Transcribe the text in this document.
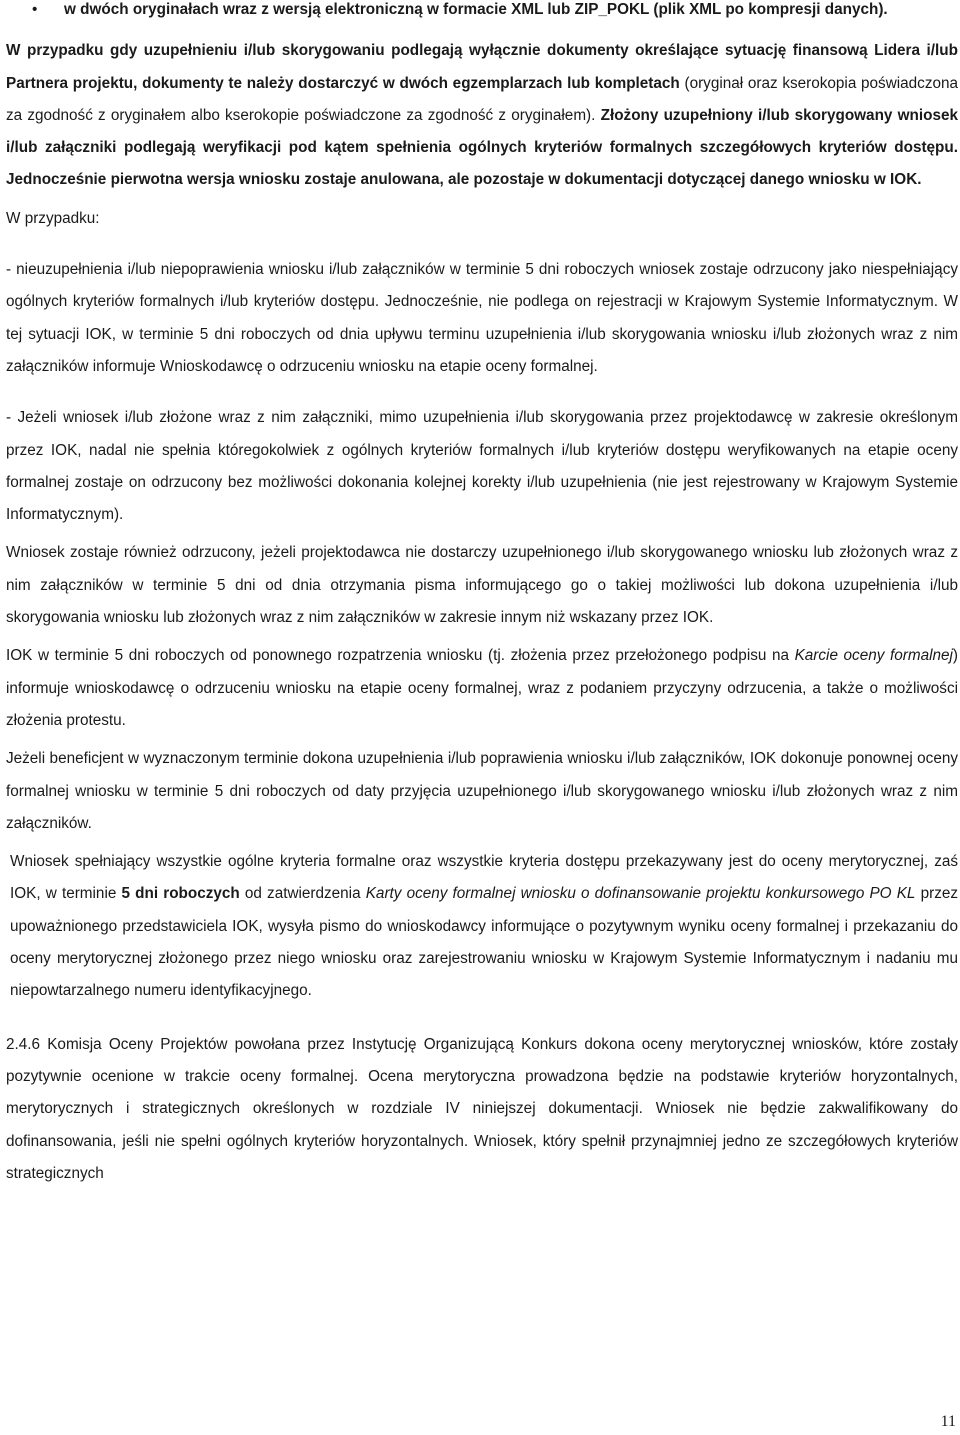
• w dwóch oryginałach wraz z wersją elektroniczną w formacie XML lub ZIP_POKL (plik XML po kompresji danych).

W przypadku gdy uzupełnieniu i/lub skorygowaniu podlegają wyłącznie dokumenty określające sytuację finansową Lidera i/lub Partnera projektu, dokumenty te należy dostarczyć w dwóch egzemplarzach lub kompletach (oryginał oraz kserokopia poświadczona za zgodność z oryginałem albo kserokopie poświadczone za zgodność z oryginałem). Złożony uzupełniony i/lub skorygowany wniosek i/lub załączniki podlegają weryfikacji pod kątem spełnienia ogólnych kryteriów formalnych szczegółowych kryteriów dostępu. Jednocześnie pierwotna wersja wniosku zostaje anulowana, ale pozostaje w dokumentacji dotyczącej danego wniosku w IOK.

W przypadku:

- nieuzupełnienia i/lub niepoprawienia wniosku i/lub załączników w terminie 5 dni roboczych wniosek zostaje odrzucony jako niespełniający ogólnych kryteriów formalnych i/lub kryteriów dostępu. Jednocześnie, nie podlega on rejestracji w Krajowym Systemie Informatycznym. W tej sytuacji IOK, w terminie 5 dni roboczych od dnia upływu terminu uzupełnienia i/lub skorygowania wniosku i/lub złożonych wraz z nim załączników informuje Wnioskodawcę o odrzuceniu wniosku na etapie oceny formalnej.

- Jeżeli wniosek i/lub złożone wraz z nim załączniki, mimo uzupełnienia i/lub skorygowania przez projektodawcę w zakresie określonym przez IOK, nadal nie spełnia któregokolwiek z ogólnych kryteriów formalnych i/lub kryteriów dostępu weryfikowanych na etapie oceny formalnej zostaje on odrzucony bez możliwości dokonania kolejnej korekty i/lub uzupełnienia (nie jest rejestrowany w Krajowym Systemie Informatycznym).

Wniosek zostaje również odrzucony, jeżeli projektodawca nie dostarczy uzupełnionego i/lub skorygowanego wniosku lub złożonych wraz z nim załączników w terminie 5 dni od dnia otrzymania pisma informującego go o takiej możliwości lub dokona uzupełnienia i/lub skorygowania wniosku lub złożonych wraz z nim załączników w zakresie innym niż wskazany przez IOK.

IOK w terminie 5 dni roboczych od ponownego rozpatrzenia wniosku (tj. złożenia przez przełożonego podpisu na Karcie oceny formalnej) informuje wnioskodawcę o odrzuceniu wniosku na etapie oceny formalnej, wraz z podaniem przyczyny odrzucenia, a także o możliwości złożenia protestu.

Jeżeli beneficjent w wyznaczonym terminie dokona uzupełnienia i/lub poprawienia wniosku i/lub załączników, IOK dokonuje ponownej oceny formalnej wniosku w terminie 5 dni roboczych od daty przyjęcia uzupełnionego i/lub skorygowanego wniosku i/lub złożonych wraz z nim załączników.

Wniosek spełniający wszystkie ogólne kryteria formalne oraz wszystkie kryteria dostępu przekazywany jest do oceny merytorycznej, zaś IOK, w terminie 5 dni roboczych od zatwierdzenia Karty oceny formalnej wniosku o dofinansowanie projektu konkursowego PO KL przez upoważnionego przedstawiciela IOK, wysyła pismo do wnioskodawcy informujące o pozytywnym wyniku oceny formalnej i przekazaniu do oceny merytorycznej złożonego przez niego wniosku oraz zarejestrowaniu wniosku w Krajowym Systemie Informatycznym i nadaniu mu niepowtarzalnego numeru identyfikacyjnego.

2.4.6 Komisja Oceny Projektów powołana przez Instytucję Organizującą Konkurs dokona oceny merytorycznej wniosków, które zostały pozytywnie ocenione w trakcie oceny formalnej. Ocena merytoryczna prowadzona będzie na podstawie kryteriów horyzontalnych, merytorycznych i strategicznych określonych w rozdziale IV niniejszej dokumentacji. Wniosek nie będzie zakwalifikowany do dofinansowania, jeśli nie spełni ogólnych kryteriów horyzontalnych. Wniosek, który spełnił przynajmniej jedno ze szczegółowych kryteriów strategicznych

11
